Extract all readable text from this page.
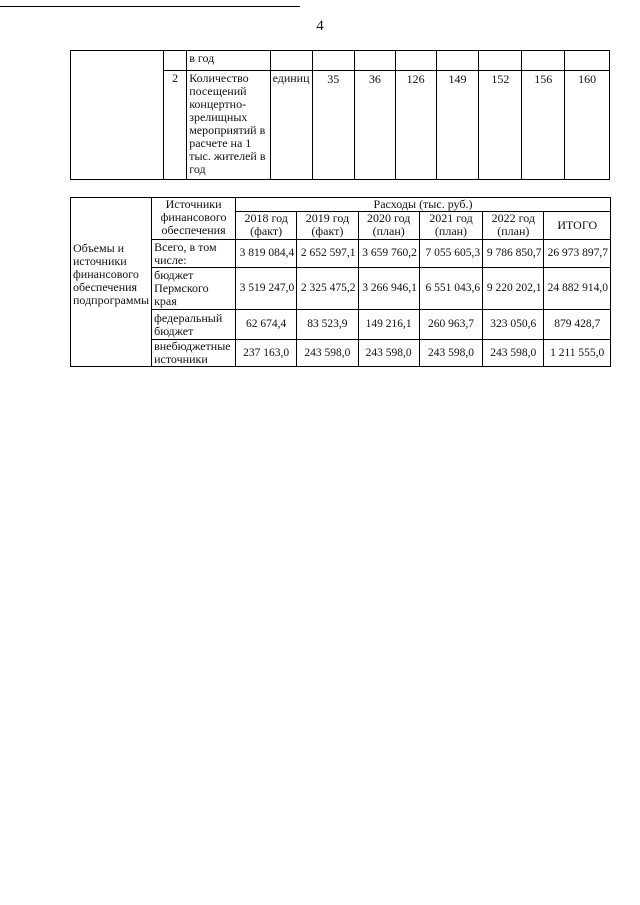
4
		в год								
	2	Количество посещений концертно-зрелищных мероприятий в расчете на 1 тыс. жителей в год	единиц	35	36	126	149	152	156	160
Объемы и источники финансового обеспечения подпрограммы	Источники финансового обеспечения	Расходы (тыс. руб.)					
		2018 год (факт)	2019 год (факт)	2020 год (план)	2021 год (план)	2022 год (план)	ИТОГО
	Всего, в том числе:	3 819 084,4	2 652 597,1	3 659 760,2	7 055 605,3	9 786 850,7	26 973 897,7
	бюджет Пермского края	3 519 247,0	2 325 475,2	3 266 946,1	6 551 043,6	9 220 202,1	24 882 914,0
	федеральный бюджет	62 674,4	83 523,9	149 216,1	260 963,7	323 050,6	879 428,7
	внебюджетные источники	237 163,0	243 598,0	243 598,0	243 598,0	243 598,0	1 211 555,0
